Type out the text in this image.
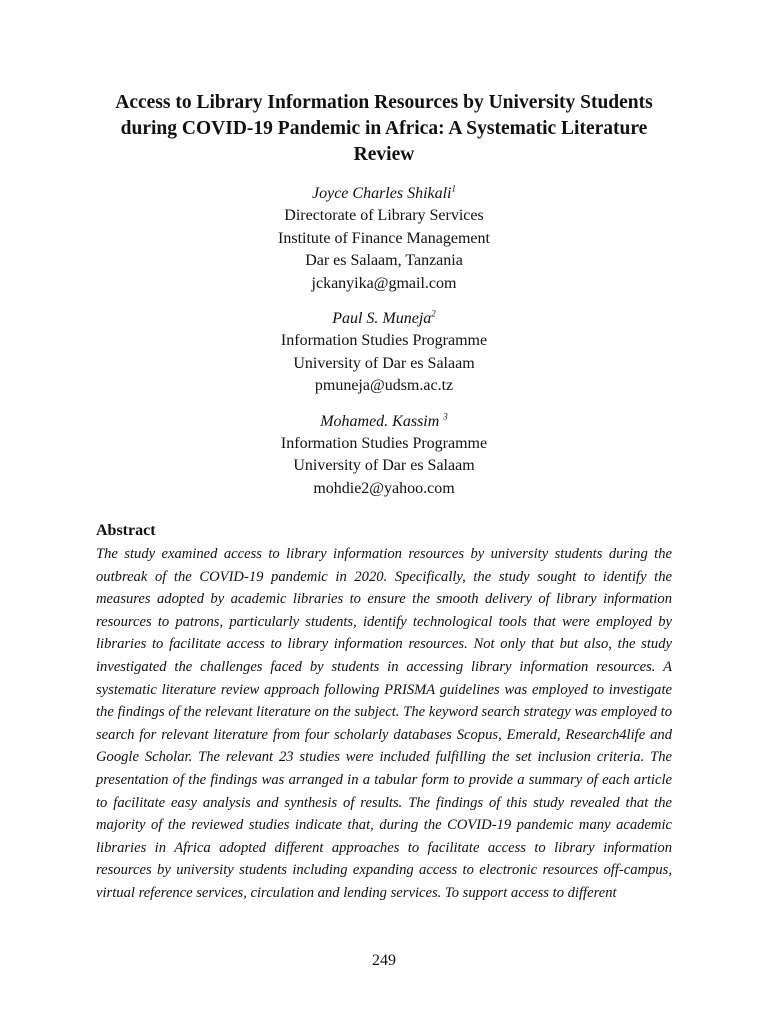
Access to Library Information Resources by University Students during COVID-19 Pandemic in Africa: A Systematic Literature Review
Joyce Charles Shikali$^1$
Directorate of Library Services
Institute of Finance Management
Dar es Salaam, Tanzania
jckanyika@gmail.com
Paul S. Muneja$^2$
Information Studies Programme
University of Dar es Salaam
pmuneja@udsm.ac.tz
Mohamed. Kassim $^3$
Information Studies Programme
University of Dar es Salaam
mohdie2@yahoo.com
Abstract
The study examined access to library information resources by university students during the outbreak of the COVID-19 pandemic in 2020. Specifically, the study sought to identify the measures adopted by academic libraries to ensure the smooth delivery of library information resources to patrons, particularly students, identify technological tools that were employed by libraries to facilitate access to library information resources. Not only that but also, the study investigated the challenges faced by students in accessing library information resources. A systematic literature review approach following PRISMA guidelines was employed to investigate the findings of the relevant literature on the subject. The keyword search strategy was employed to search for relevant literature from four scholarly databases Scopus, Emerald, Research4life and Google Scholar. The relevant 23 studies were included fulfilling the set inclusion criteria. The presentation of the findings was arranged in a tabular form to provide a summary of each article to facilitate easy analysis and synthesis of results. The findings of this study revealed that the majority of the reviewed studies indicate that, during the COVID-19 pandemic many academic libraries in Africa adopted different approaches to facilitate access to library information resources by university students including expanding access to electronic resources off-campus, virtual reference services, circulation and lending services. To support access to different
249
